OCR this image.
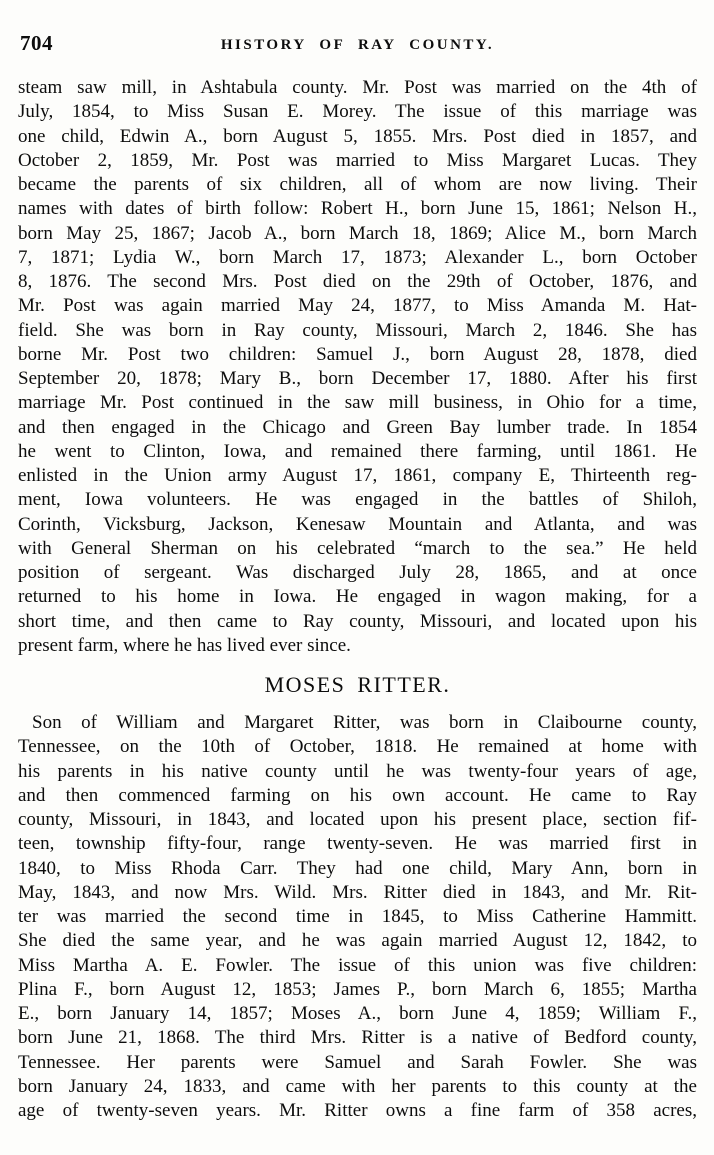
704	HISTORY OF RAY COUNTY.
steam saw mill, in Ashtabula county. Mr. Post was married on the 4th of
July, 1854, to Miss Susan E. Morey. The issue of this marriage was
one child, Edwin A., born August 5, 1855. Mrs. Post died in 1857, and
October 2, 1859, Mr. Post was married to Miss Margaret Lucas. They
became the parents of six children, all of whom are now living. Their
names with dates of birth follow: Robert H., born June 15, 1861; Nelson H.,
born May 25, 1867; Jacob A., born March 18, 1869; Alice M., born March
7, 1871; Lydia W., born March 17, 1873; Alexander L., born October
8, 1876. The second Mrs. Post died on the 29th of October, 1876, and
Mr. Post was again married May 24, 1877, to Miss Amanda M. Hat-
field. She was born in Ray county, Missouri, March 2, 1846. She has
borne Mr. Post two children: Samuel J., born August 28, 1878, died
September 20, 1878; Mary B., born December 17, 1880. After his first
marriage Mr. Post continued in the saw mill business, in Ohio for a time,
and then engaged in the Chicago and Green Bay lumber trade. In 1854
he went to Clinton, Iowa, and remained there farming, until 1861. He
enlisted in the Union army August 17, 1861, company E, Thirteenth reg-
ment, Iowa volunteers. He was engaged in the battles of Shiloh,
Corinth, Vicksburg, Jackson, Kenesaw Mountain and Atlanta, and was
with General Sherman on his celebrated “march to the sea.” He held
position of sergeant. Was discharged July 28, 1865, and at once
returned to his home in Iowa. He engaged in wagon making, for a
short time, and then came to Ray county, Missouri, and located upon his
present farm, where he has lived ever since.
MOSES RITTER.
Son of William and Margaret Ritter, was born in Claibourne county,
Tennessee, on the 10th of October, 1818. He remained at home with
his parents in his native county until he was twenty-four years of age,
and then commenced farming on his own account. He came to Ray
county, Missouri, in 1843, and located upon his present place, section fif-
teen, township fifty-four, range twenty-seven. He was married first in
1840, to Miss Rhoda Carr. They had one child, Mary Ann, born in
May, 1843, and now Mrs. Wild. Mrs. Ritter died in 1843, and Mr. Rit-
ter was married the second time in 1845, to Miss Catherine Hammitt.
She died the same year, and he was again married August 12, 1842, to
Miss Martha A. E. Fowler. The issue of this union was five children:
Plina F., born August 12, 1853; James P., born March 6, 1855; Martha
E., born January 14, 1857; Moses A., born June 4, 1859; William F.,
born June 21, 1868. The third Mrs. Ritter is a native of Bedford county,
Tennessee. Her parents were Samuel and Sarah Fowler. She was
born January 24, 1833, and came with her parents to this county at the
age of twenty-seven years. Mr. Ritter owns a fine farm of 358 acres,
